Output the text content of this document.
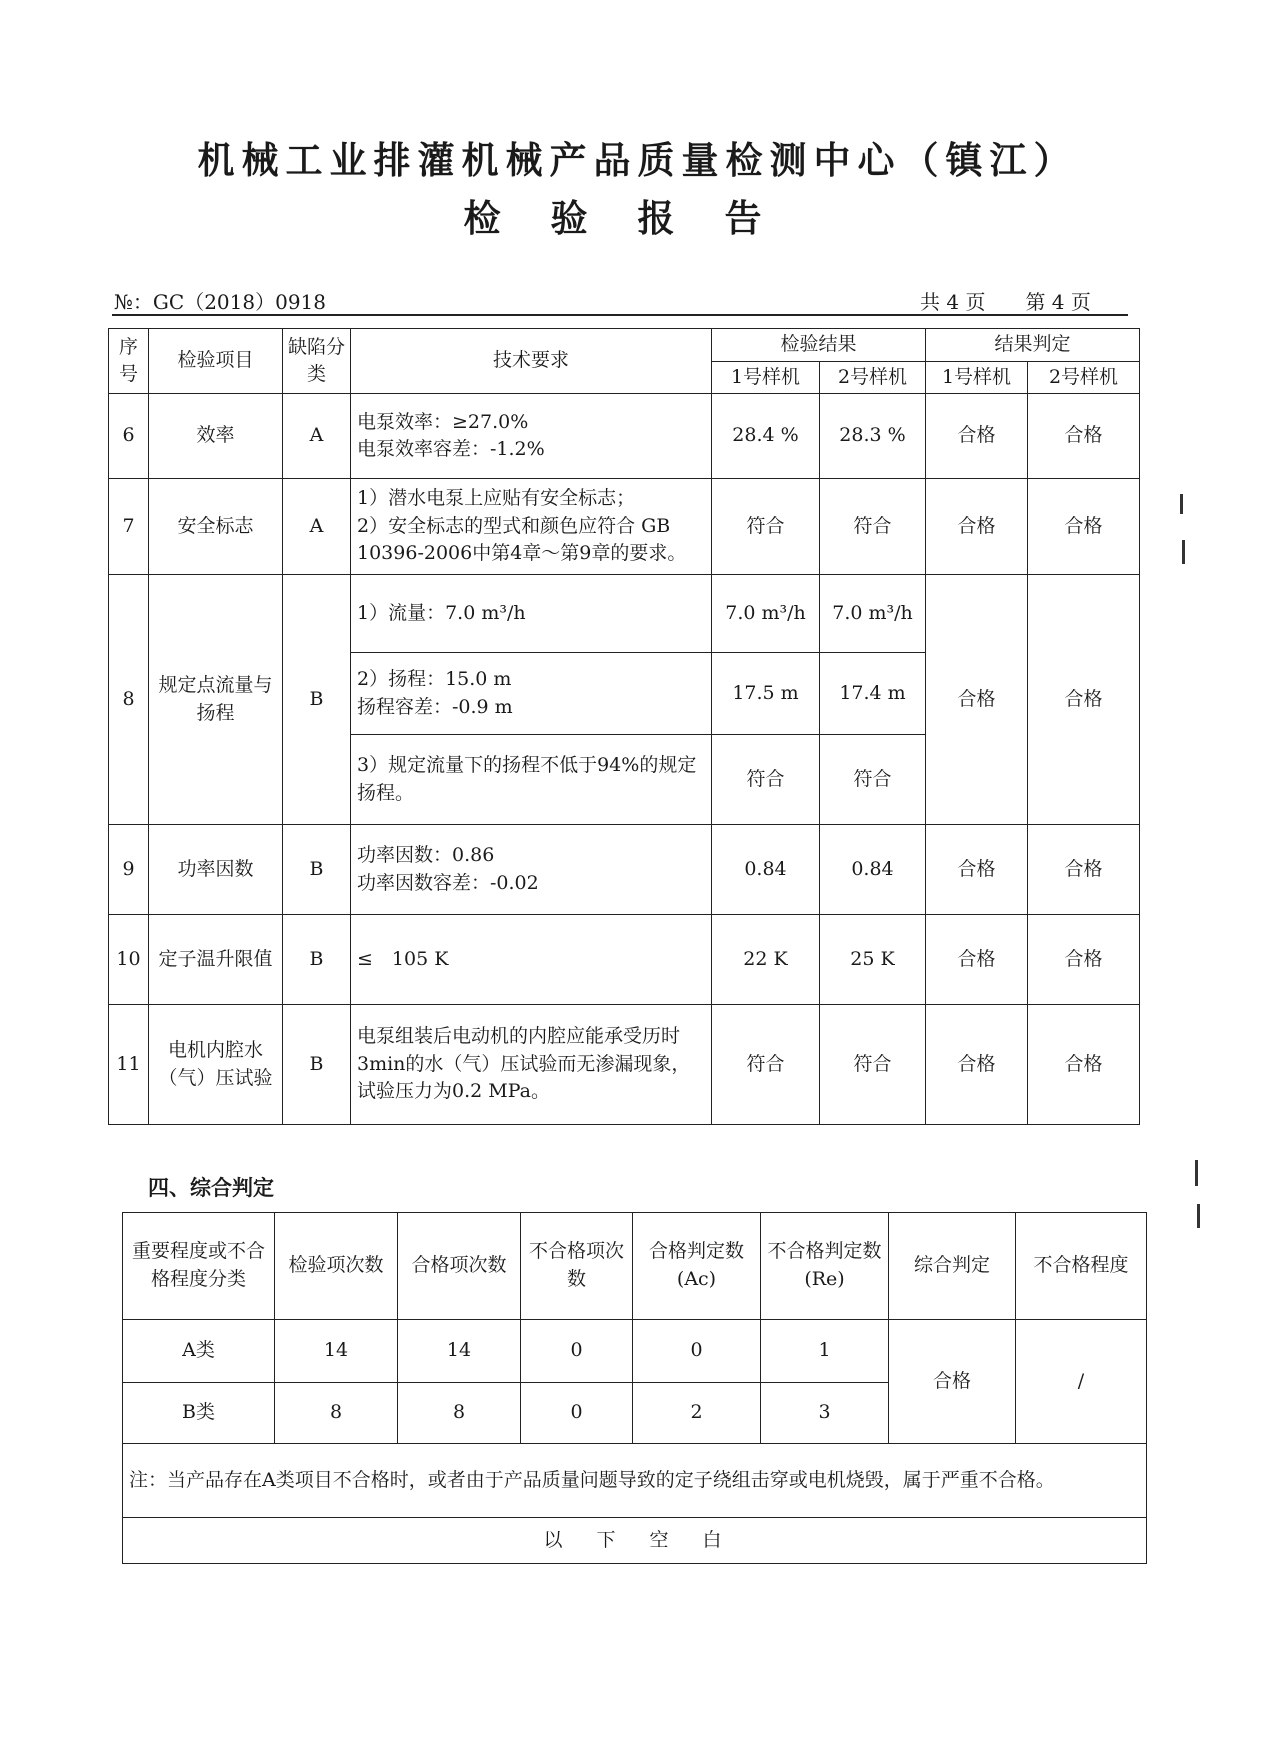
机械工业排灌机械产品质量检测中心（镇江）
检验报告
№：GC（2018）0918	共 4 页 第 4 页
序号	检验项目	缺陷分类	技术要求	检验结果		结果判定	
				1号样机	2号样机	1号样机	2号样机
6	效率	A	电泵效率：≥27.0%
电泵效率容差：-1.2%	28.4 %	28.3 %	合格	合格
7	安全标志	A	1）潜水电泵上应贴有安全标志；
2）安全标志的型式和颜色应符合 GB 10396-2006中第4章～第9章的要求。	符合	符合	合格	合格
8	规定点流量与扬程	B	1）流量：7.0 m³/h	7.0 m³/h	7.0 m³/h	合格	合格
			2）扬程：15.0 m
扬程容差：-0.9 m	17.5 m	17.4 m		
			3）规定流量下的扬程不低于94%的规定扬程。	符合	符合		
9	功率因数	B	功率因数：0.86
功率因数容差：-0.02	0.84	0.84	合格	合格
10	定子温升限值	B	≤　105 K	22 K	25 K	合格	合格
11	电机内腔水（气）压试验	B	电泵组装后电动机的内腔应能承受历时3min的水（气）压试验而无渗漏现象，试验压力为0.2 MPa。	符合	符合	合格	合格
四、综合判定
重要程度或不合格程度分类	检验项次数	合格项次数	不合格项次数	合格判定数(Ac)	不合格判定数(Re)	综合判定	不合格程度
A类	14	14	0	0	1	合格	/
B类	8	8	0	2	3		
注：当产品存在A类项目不合格时，或者由于产品质量问题导致的定子绕组击穿或电机烧毁，属于严重不合格。							
以下空白							
